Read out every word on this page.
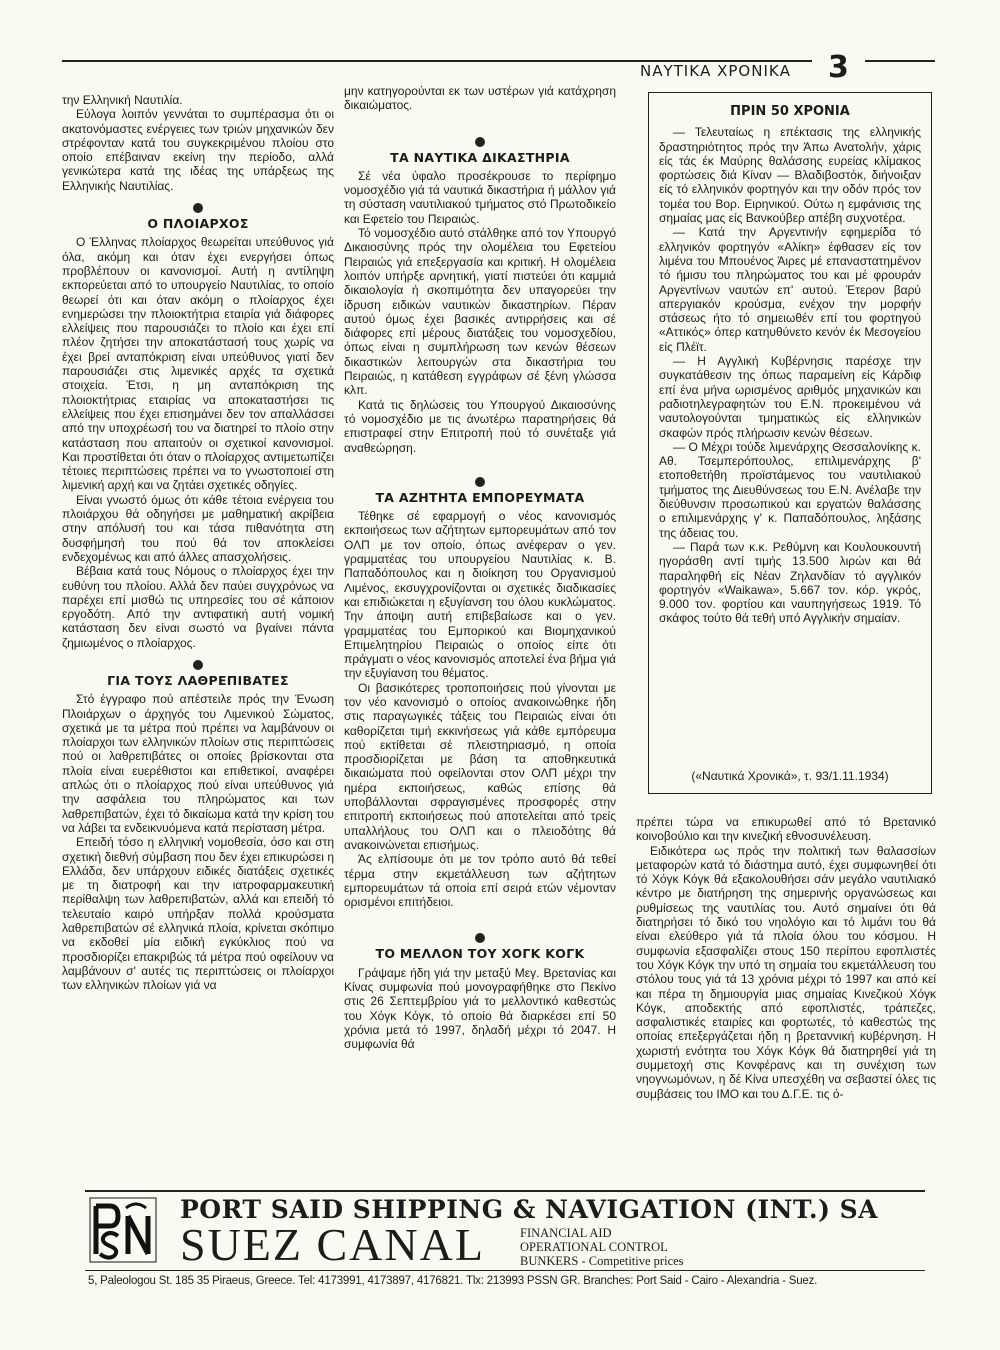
ΝΑΥΤΙΚΑ ΧΡΟΝΙΚΑ 3

την Ελληνική Ναυτιλία.

Εύλογα λοιπόν γεννάται το συμπέρασμα ότι οι ακατονόμαστες ενέργειες των τριών μηχανικών δεν στρέφονταν κατά του συγκεκριμένου πλοίου στο οποίο επέβαιναν εκείνη την περίοδο, αλλά γενικώτερα κατά της ιδέας της υπάρξεως της Ελληνικής Ναυτιλίας.

Ο ΠΛΟΙΑΡΧΟΣ

Ο Έλληνας πλοίαρχος θεωρείται υπεύθυνος γιά όλα, ακόμη και όταν έχει ενεργήσει όπως προβλέπουν οι κανονισμοί. Αυτή η αντίληψη εκπορεύεται από το υπουργείο Ναυτιλίας, το οποίο θεωρεί ότι και όταν ακόμη ο πλοίαρχος έχει ενημερώσει την πλοιοκτήτρια εταιρία γιά διάφορες ελλείψεις που παρουσιάζει το πλοίο και έχει επί πλέον ζητήσει την αποκατάστασή τους χωρίς να έχει βρεί ανταπόκριση είναι υπεύθυνος γιατί δεν παρουσιάζει στις λιμενικές αρχές τα σχετικά στοιχεία. Έτσι, η μη ανταπόκριση της πλοιοκτήτριας εταιρίας να αποκαταστήσει τις ελλείψεις που έχει επισημάνει δεν τον απαλλάσσει από την υποχρέωσή του να διατηρεί το πλοίο στην κατάσταση που απαιτούν οι σχετικοί κανονισμοί. Και προστίθεται ότι όταν ο πλοίαρχος αντιμετωπίζει τέτοιες περιπτώσεις πρέπει να το γνωστοποιεί στη λιμενική αρχή και να ζητάει σχετικές οδηγίες.

Είναι γνωστό όμως ότι κάθε τέτοια ενέργεια του πλοιάρχου θά οδηγήσει με μαθηματική ακρίβεια στην απόλυσή του και τάσα πιθανότητα στη δυσφήμησή του πού θά τον αποκλείσει ενδεχομένως και από άλλες απασχολήσεις.

Βέβαια κατά τους Νόμους ο πλοίαρχος έχει την ευθύνη του πλοίου. Αλλά δεν παύει συγχρόνως να παρέχει επί μισθώ τις υπηρεσίες του σέ κάποιον εργοδότη. Από την αντιφατική αυτή νομική κατάσταση δεν είναι σωστό να βγαίνει πάντα ζημιωμένος ο πλοίαρχος.

ΓΙΑ ΤΟΥΣ ΛΑΘΡΕΠΙΒΑΤΕΣ

Στό έγγραφο πού απέστειλε πρός την Ένωση Πλοιάρχων ο άρχηγός του Λιμενικού Σώματος, σχετικά με τα μέτρα πού πρέπει να λαμβάνουν οι πλοίαρχοι των ελληνικών πλοίων στις περιπτώσεις πού οι λαθρεπιβάτες οι οποίες βρίσκονται στα πλοία είναι ευερέθιστοι και επιθετικοί, αναφέρει απλώς ότι ο πλοίαρχος πού είναι υπεύθυνος γιά την ασφάλεια του πληρώματος και των λαθρεπιβατών, έχει τό δικαίωμα κατά την κρίση του να λάβει τα ενδεικνυόμενα κατά περίσταση μέτρα.

Επειδή τόσο η ελληνική νομοθεσία, όσο και στη σχετική διεθνή σύμβαση που δεν έχει επικυρώσει η Ελλάδα, δεν υπάρχουν ειδικές διατάξεις σχετικές με τη διατροφή και την ιατροφαρμακευτική περίθαλψη των λαθρεπιβατών, αλλά και επειδή τό τελευταίο καιρό υπήρξαν πολλά κρούσματα λαθρεπιβατών σέ ελληνικά πλοία, κρίνεται σκόπιμο να εκδοθεί μία ειδική εγκύκλιος πού να προσδιορίζει επακριβώς τά μέτρα πού οφείλουν να λαμβάνουν σ' αυτές τις περιπτώσεις οι πλοίαρχοι των ελληνικών πλοίων γιά να

μην κατηγορούνται εκ των υστέρων γιά κατάχρηση δικαιώματος.

ΤΑ ΝΑΥΤΙΚΑ ΔΙΚΑΣΤΗΡΙΑ

Σέ νέα ύφαλο προσέκρουσε το περίφημο νομοσχέδιο γιά τά ναυτικά δικαστήρια ή μάλλον γιά τη σύσταση ναυτιλιακού τμήματος στό Πρωτοδικείο και Εφετείο του Πειραιώς.

Τό νομοσχέδιο αυτό στάλθηκε από τον Υπουργό Δικαιοσύνης πρός την ολομέλεια του Εφετείου Πειραιώς γιά επεξεργασία και κριτική. Η ολομέλεια λοιπόν υπήρξε αρνητική, γιατί πιστεύει ότι καμμιά δικαιολογία ή σκοπιμότητα δεν υπαγορεύει την ίδρυση ειδικών ναυτικών δικαστηρίων. Πέραν αυτού όμως έχει βασικές αντιρρήσεις και σέ διάφορες επί μέρους διατάξεις του νομοσχεδίου, όπως είναι η συμπλήρωση των κενών θέσεων δικαστικών λειτουργών στα δικαστήρια του Πειραιώς, η κατάθεση εγγράφων σέ ξένη γλώσσα κλπ.

Κατά τις δηλώσεις του Υπουργού Δικαιοσύνης τό νομοσχέδιο με τις άνωτέρω παρατηρήσεις θά επιστραφεί στην Επιτροπή πού τό συνέταξε γιά αναθεώρηση.

ΤΑ ΑΖΗΤΗΤΑ ΕΜΠΟΡΕΥΜΑΤΑ

Τέθηκε σέ εφαρμογή ο νέος κανονισμός εκποιήσεως των αζήτητων εμπορευμάτων από τον ΟΛΠ με τον οποίο, όπως ανέφεραν ο γεν. γραμματέας του υπουργείου Ναυτιλίας κ. Β. Παπαδόπουλος και η διοίκηση του Οργανισμού Λιμένος, εκσυγχρονίζονται οι σχετικές διαδικασίες και επιδιώκεται η εξυγίανση του όλου κυκλώματος. Την άποψη αυτή επιβεβαίωσε και ο γεν. γραμματέας του Εμπορικού και Βιομηχανικού Επιμελητηρίου Πειραιώς ο οποίος είπε ότι πράγματι ο νέος κανονισμός αποτελεί ένα βήμα γιά την εξυγίανση του θέματος.

Οι βασικότερες τροποποιήσεις πού γίνονται με τον νέο κανονισμό ο οποίος ανακοινώθηκε ήδη στις παραγωγικές τάξεις του Πειραιώς είναι ότι καθορίζεται τιμή εκκινήσεως γιά κάθε εμπόρευμα πού εκτίθεται σέ πλειστηριασμό, η οποία προσδιορίζεται με βάση τα αποθηκευτικά δικαιώματα πού οφείλονται στον ΟΛΠ μέχρι την ημέρα εκποιήσεως, καθώς επίσης θά υποβάλλονται σφραγισμένες προσφορές στην επιτροπή εκποιήσεως πού αποτελείται από τρείς υπαλλήλους του ΟΛΠ και ο πλειοδότης θά ανακοινώνεται επισήμως.

Άς ελπίσουμε ότι με τον τρόπο αυτό θά τεθεί τέρμα στην εκμετάλλευση των αζήτητων εμπορευμάτων τά οποία επί σειρά ετών νέμονταν ορισμένοι επιτήδειοι.

ΤΟ ΜΕΛΛΟΝ ΤΟΥ ΧΟΓΚ ΚΟΓΚ

Γράψαμε ήδη γιά την μεταξύ Μεγ. Βρετανίας και Κίνας συμφωνία πού μονογραφήθηκε στο Πεκίνο στις 26 Σεπτεμβρίου γιά το μελλοντικό καθεστώς του Χόγκ Κόγκ, τό οποίο θά διαρκέσει επί 50 χρόνια μετά τό 1997, δηλαδή μέχρι τό 2047. Η συμφωνία θά

ΠΡΙΝ 50 ΧΡΟΝΙΑ

— Τελευταίως η επέκτασις της ελληνικής δραστηριότητος πρός την Άπω Ανατολήν, χάρις είς τάς έκ Μαύρης θαλάσσης ευρείας κλίμακος φορτώσεις διά Κίναν — Βλαδιβοστόκ, διήνοιξαν είς τό ελληνικόν φορτηγόν και την οδόν πρός τον τομέα του Βορ. Ειρηνικού. Ούτω η εμφάνισις της σημαίας μας είς Βανκούβερ απέβη συχνοτέρα.

— Κατά την Αργεντινήν εφημερίδα τό ελληνικόν φορτηγόν «Αλίκη» έφθασεν είς τον λιμένα του Μπουένος Άιρες μέ επαναστατημένον τό ήμισυ του πληρώματος του και μέ φρουράν Αργεντίνων ναυτών επ' αυτού. Έτερον βαρύ απεργιακόν κρούσμα, ενέχον την μορφήν στάσεως ήτο τό σημειωθέν επί του φορτηγού «Αττικός» όπερ κατηυθύνετο κενόν έκ Μεσογείου είς Πλέϊτ.

— Η Αγγλική Κυβέρνησις παρέσχε την συγκατάθεσιν της όπως παραμείνη είς Κάρδιφ επί ένα μήνα ωρισμένος αριθμός μηχανικών και ραδιοτηλεγραφητών του Ε.Ν. προκειμένου νά ναυτολογούνται τμηματικώς είς ελληνικών σκαφών πρός πλήρωσιν κενών θέσεων.

— Ο Μέχρι τούδε λιμενάρχης Θεσσαλονίκης κ. Αθ. Τσεμπερόπουλος, επιλιμενάρχης β' ετοποθετήθη προϊστάμενος του ναυτιλιακού τμήματος της Διευθύνσεως του Ε.Ν. Ανέλαβε την διεύθυνσιν προσωπικού και εργατών θαλάσσης ο επιλιμενάρχης γ' κ. Παπαδόπουλος, ληξάσης της άδειας του.

— Παρά των κ.κ. Ρεθύμνη και Κουλουκουντή ηγοράσθη αντί τιμής 13.500 λιρών και θά παραληφθή είς Νέαν Ζηλανδίαν τό αγγλικόν φορτηγόν «Waikawa», 5.667 τον. κόρ. γκρός, 9.000 τον. φορτίου και ναυπηγήσεως 1919. Τό σκάφος τούτο θά τεθή υπό Αγγλικήν σημαίαν.

(«Ναυτικά Χρονικά», τ. 93/1.11.1934)

πρέπει τώρα να επικυρωθεί από τό Βρετανικό κοινοβούλιο και την κινεζική εθνοσυνέλευση.

Ειδικότερα ως πρός την πολιτική των θαλασσίων μεταφορών κατά τό διάστημα αυτό, έχει συμφωνηθεί ότι τό Χόγκ Κόγκ θά εξακολουθήσει σάν μεγάλο ναυτιλιακό κέντρο με διατήρηση της σημερινής οργανώσεως και ρυθμίσεως της ναυτιλίας του. Αυτό σημαίνει ότι θά διατηρήσει τό δικό του νηολόγιο και τό λιμάνι του θά είναι ελεύθερο γιά τά πλοία όλου του κόσμου. Η συμφωνία εξασφαλίζει στους 150 περίπου εφοπλιστές του Χόγκ Κόγκ την υπό τη σημαία του εκμετάλλευση του στόλου τους γιά τά 13 χρόνια μέχρι τό 1997 και από κεί και πέρα τη δημιουργία μιας σημαίας Κινεζικού Χόγκ Κόγκ, αποδεκτής από εφοπλιστές, τράπεζες, ασφαλιστικές εταιρίες και φορτωτές, τό καθεστώς της οποίας επεξεργάζεται ήδη η βρεταννική κυβέρνηση. Η χωριστή ενότητα του Χόγκ Κόγκ θά διατηρηθεί γιά τη συμμετοχή στις Κονφέρανς και τη συνέχιση των νηογνωμόνων, η δέ Κίνα υπεσχέθη να σεβαστεί όλες τις συμβάσεις του ΙΜΟ και του Δ.Γ.Ε. τις ό-

PORT SAID SHIPPING & NAVIGATION (INT.) SA
SUEZ CANAL	FINANCIAL AID
OPERATIONAL CONTROL
BUNKERS - Competitive prices
5, Paleologou St. 185 35 Piraeus, Greece. Tel: 4173991, 4173897, 4176821. Tlx: 213993 PSSN GR. Branches: Port Said - Cairo - Alexandria - Suez.
